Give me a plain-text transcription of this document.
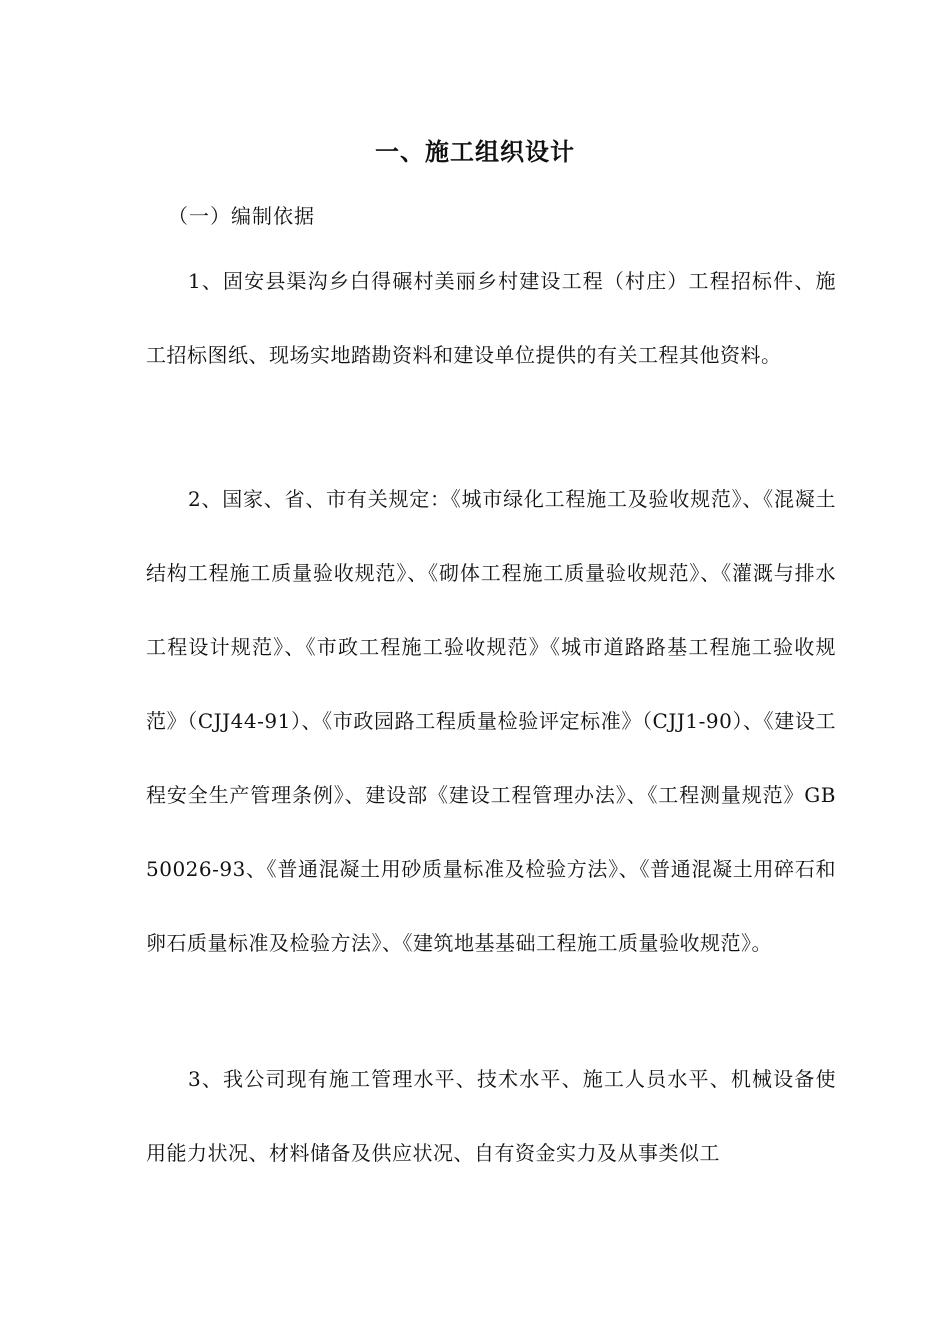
一、施工组织设计
（一）编制依据
1、固安县渠沟乡白得碾村美丽乡村建设工程（村庄）工程招标件、施工招标图纸、现场实地踏勘资料和建设单位提供的有关工程其他资料。
2、国家、省、市有关规定：《城市绿化工程施工及验收规范》、《混凝土结构工程施工质量验收规范》、《砌体工程施工质量验收规范》、《灌溉与排水工程设计规范》、《市政工程施工验收规范》《城市道路路基工程施工验收规范》（CJJ44-91）、《市政园路工程质量检验评定标准》（CJJ1-90）、《建设工程安全生产管理条例》、建设部《建设工程管理办法》、《工程测量规范》GB50026-93、《普通混凝土用砂质量标准及检验方法》、《普通混凝土用碎石和卵石质量标准及检验方法》、《建筑地基基础工程施工质量验收规范》。
3、我公司现有施工管理水平、技术水平、施工人员水平、机械设备使用能力状况、材料储备及供应状况、自有资金实力及从事类似工
